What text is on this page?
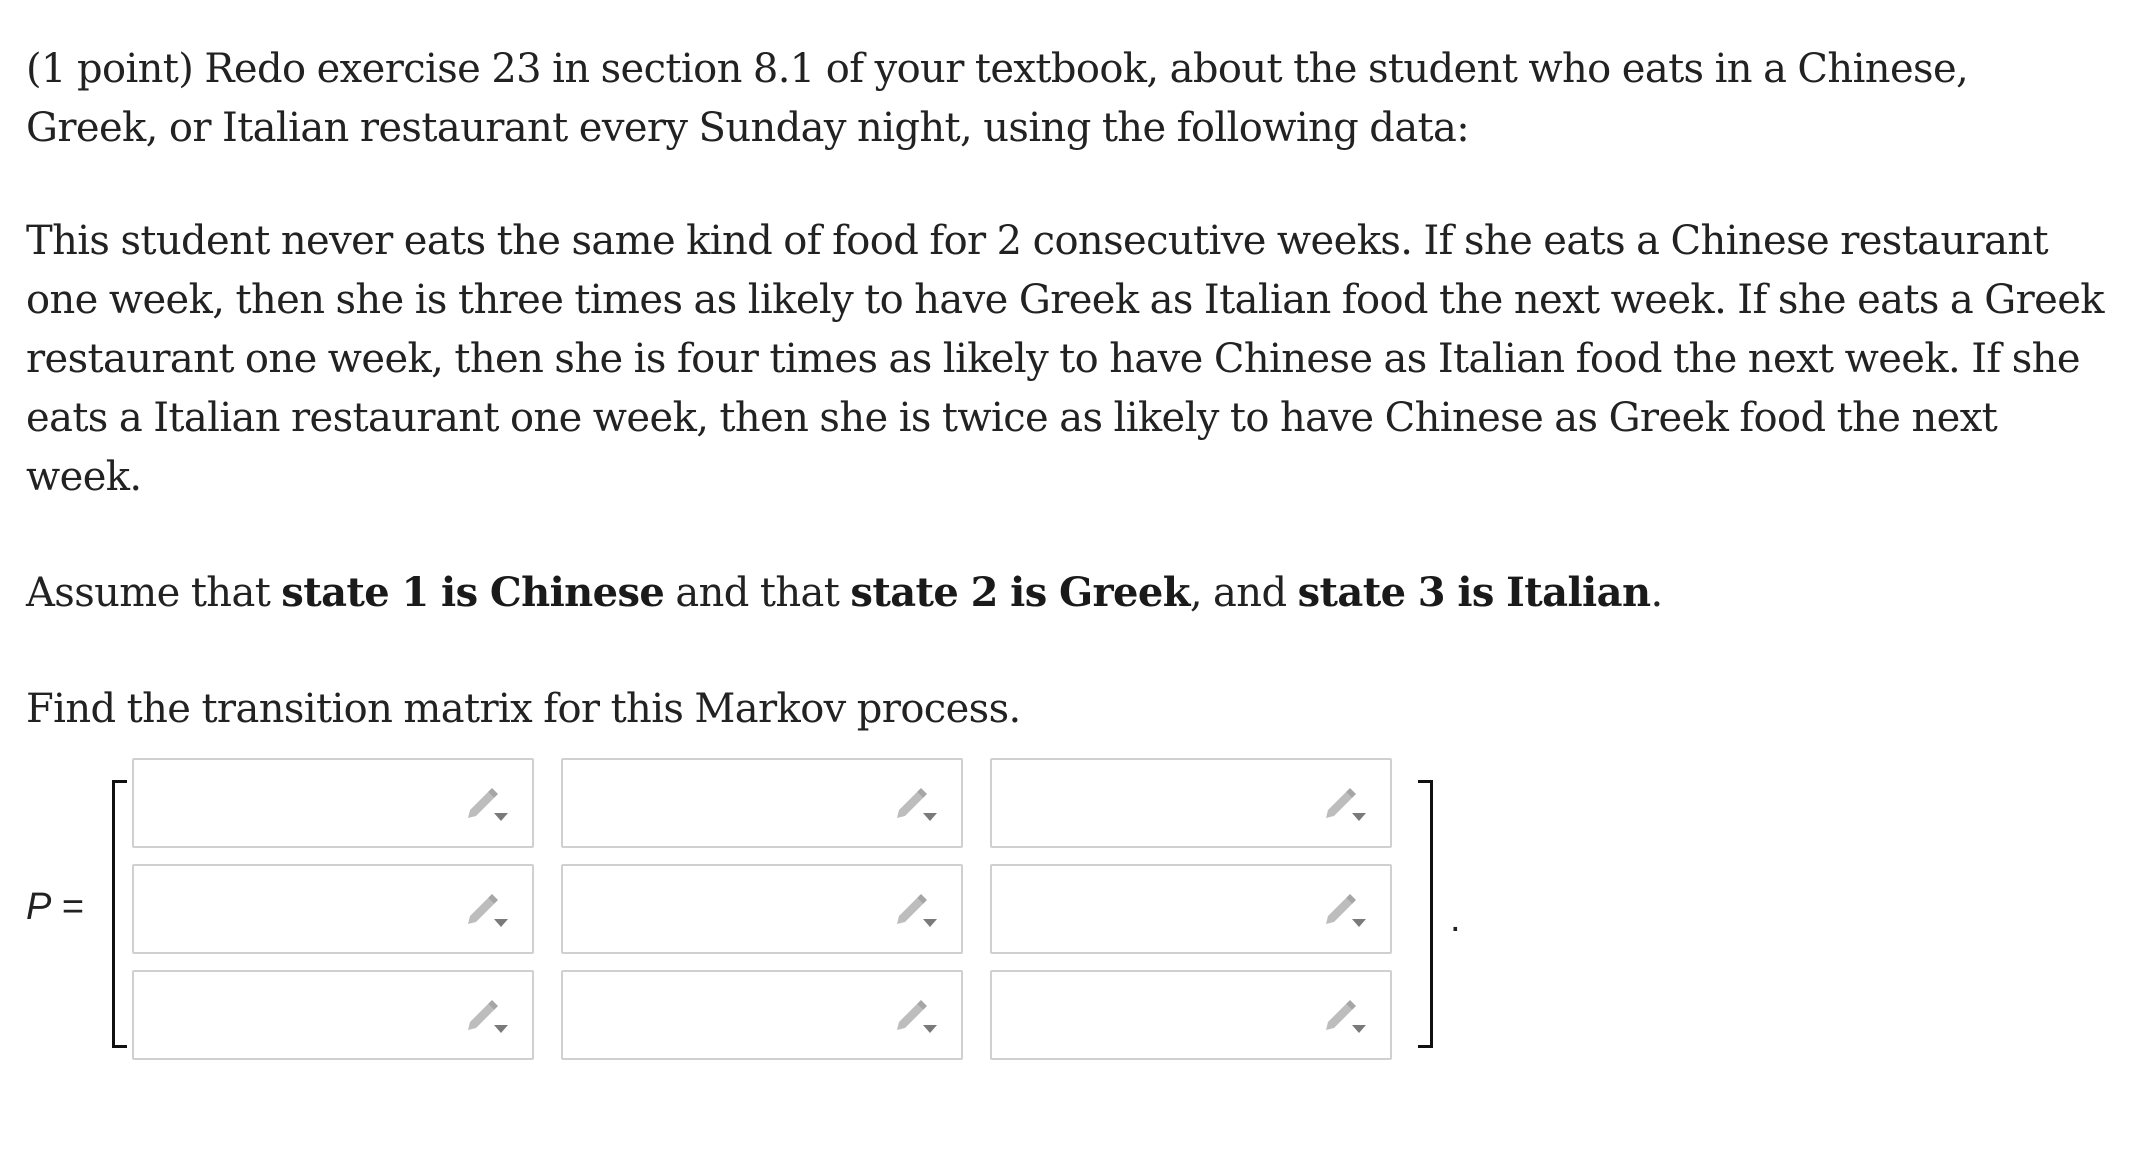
(1 point) Redo exercise 23 in section 8.1 of your textbook, about the student who eats in a Chinese, Greek, or Italian restaurant every Sunday night, using the following data:

This student never eats the same kind of food for 2 consecutive weeks. If she eats a Chinese restaurant one week, then she is three times as likely to have Greek as Italian food the next week. If she eats a Greek restaurant one week, then she is four times as likely to have Chinese as Italian food the next week. If she eats a Italian restaurant one week, then she is twice as likely to have Chinese as Greek food the next week.

Assume that state 1 is Chinese and that state 2 is Greek, and state 3 is Italian.

Find the transition matrix for this Markov process.

P =	.
